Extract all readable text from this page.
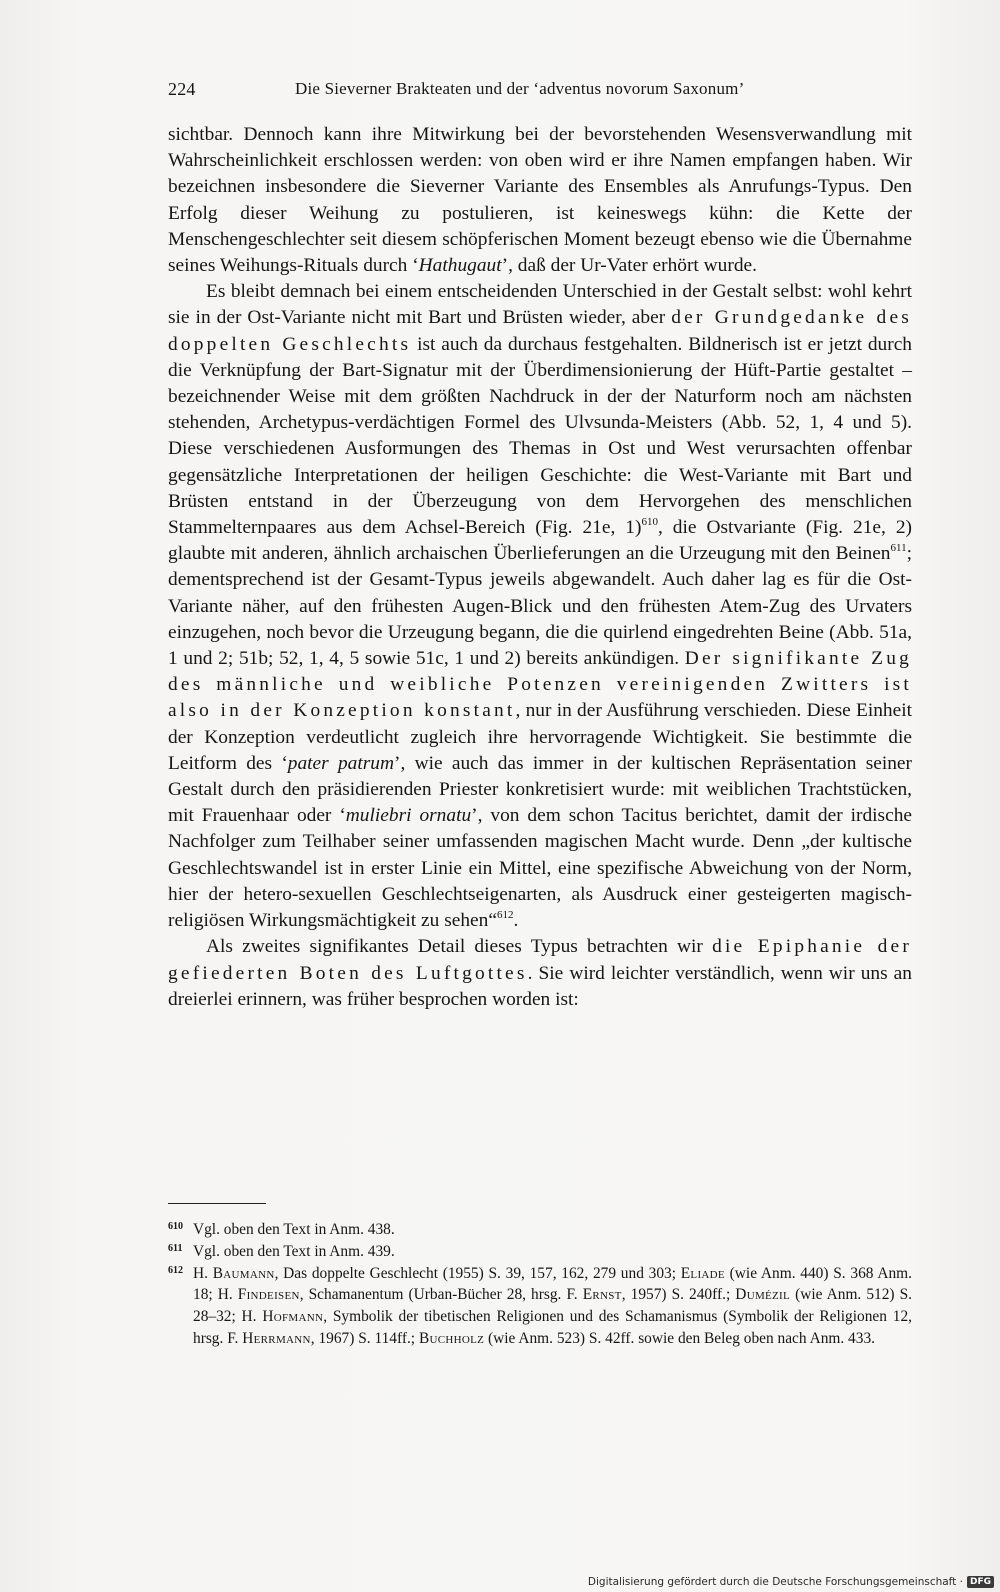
224	Die Sieverner Brakteaten und der ‘adventus novorum Saxonum’

sichtbar. Dennoch kann ihre Mitwirkung bei der bevorstehenden Wesensverwandlung mit Wahrscheinlichkeit erschlossen werden: von oben wird er ihre Namen empfangen haben. Wir bezeichnen insbesondere die Sieverner Variante des Ensembles als Anrufungs-Typus. Den Erfolg dieser Weihung zu postulieren, ist keineswegs kühn: die Kette der Menschengeschlechter seit diesem schöpferischen Moment bezeugt ebenso wie die Übernahme seines Weihungs-Rituals durch ‘Hathugaut’, daß der Ur-Vater erhört wurde.

Es bleibt demnach bei einem entscheidenden Unterschied in der Gestalt selbst: wohl kehrt sie in der Ost-Variante nicht mit Bart und Brüsten wieder, aber der Grundgedanke des doppelten Geschlechts ist auch da durchaus festgehalten. Bildnerisch ist er jetzt durch die Verknüpfung der Bart-Signatur mit der Überdimensionierung der Hüft-Partie gestaltet – bezeichnender Weise mit dem größten Nachdruck in der der Naturform noch am nächsten stehenden, Archetypus-verdächtigen Formel des Ulvsunda-Meisters (Abb. 52, 1, 4 und 5). Diese verschiedenen Ausformungen des Themas in Ost und West verursachten offenbar gegensätzliche Interpretationen der heiligen Geschichte: die West-Variante mit Bart und Brüsten entstand in der Überzeugung von dem Hervorgehen des menschlichen Stammelternpaares aus dem Achsel-Bereich (Fig. 21e, 1)$^{610}$, die Ostvariante (Fig. 21e, 2) glaubte mit anderen, ähnlich archaischen Überlieferungen an die Urzeugung mit den Beinen$^{611}$; dementsprechend ist der Gesamt-Typus jeweils abgewandelt. Auch daher lag es für die Ost-Variante näher, auf den frühesten Augen-Blick und den frühesten Atem-Zug des Urvaters einzugehen, noch bevor die Urzeugung begann, die die quirlend eingedrehten Beine (Abb. 51a, 1 und 2; 51b; 52, 1, 4, 5 sowie 51c, 1 und 2) bereits ankündigen. Der signifikante Zug des männliche und weibliche Potenzen vereinigenden Zwitters ist also in der Konzeption konstant, nur in der Ausführung verschieden. Diese Einheit der Konzeption verdeutlicht zugleich ihre hervorragende Wichtigkeit. Sie bestimmte die Leitform des ‘pater patrum’, wie auch das immer in der kultischen Repräsentation seiner Gestalt durch den präsidierenden Priester konkretisiert wurde: mit weiblichen Trachtstücken, mit Frauenhaar oder ‘muliebri ornatu’, von dem schon Tacitus berichtet, damit der irdische Nachfolger zum Teilhaber seiner umfassenden magischen Macht wurde. Denn „der kultische Geschlechtswandel ist in erster Linie ein Mittel, eine spezifische Abweichung von der Norm, hier der hetero-sexuellen Geschlechtseigenarten, als Ausdruck einer gesteigerten magisch-religiösen Wirkungsmächtigkeit zu sehen“$^{612}$.

Als zweites signifikantes Detail dieses Typus betrachten wir die Epiphanie der gefiederten Boten des Luftgottes. Sie wird leichter verständlich, wenn wir uns an dreierlei erinnern, was früher besprochen worden ist:

610 Vgl. oben den Text in Anm. 438.

611 Vgl. oben den Text in Anm. 439.

612 H. Baumann, Das doppelte Geschlecht (1955) S. 39, 157, 162, 279 und 303; Eliade (wie Anm. 440) S. 368 Anm. 18; H. Findeisen, Schamanentum (Urban-Bücher 28, hrsg. F. Ernst, 1957) S. 240ff.; Dumézil (wie Anm. 512) S. 28–32; H. Hofmann, Symbolik der tibetischen Religionen und des Schamanismus (Symbolik der Religionen 12, hrsg. F. Herrmann, 1967) S. 114ff.; Buchholz (wie Anm. 523) S. 42ff. sowie den Beleg oben nach Anm. 433.

Digitalisierung gefördert durch die Deutsche Forschungsgemeinschaft · DFG
